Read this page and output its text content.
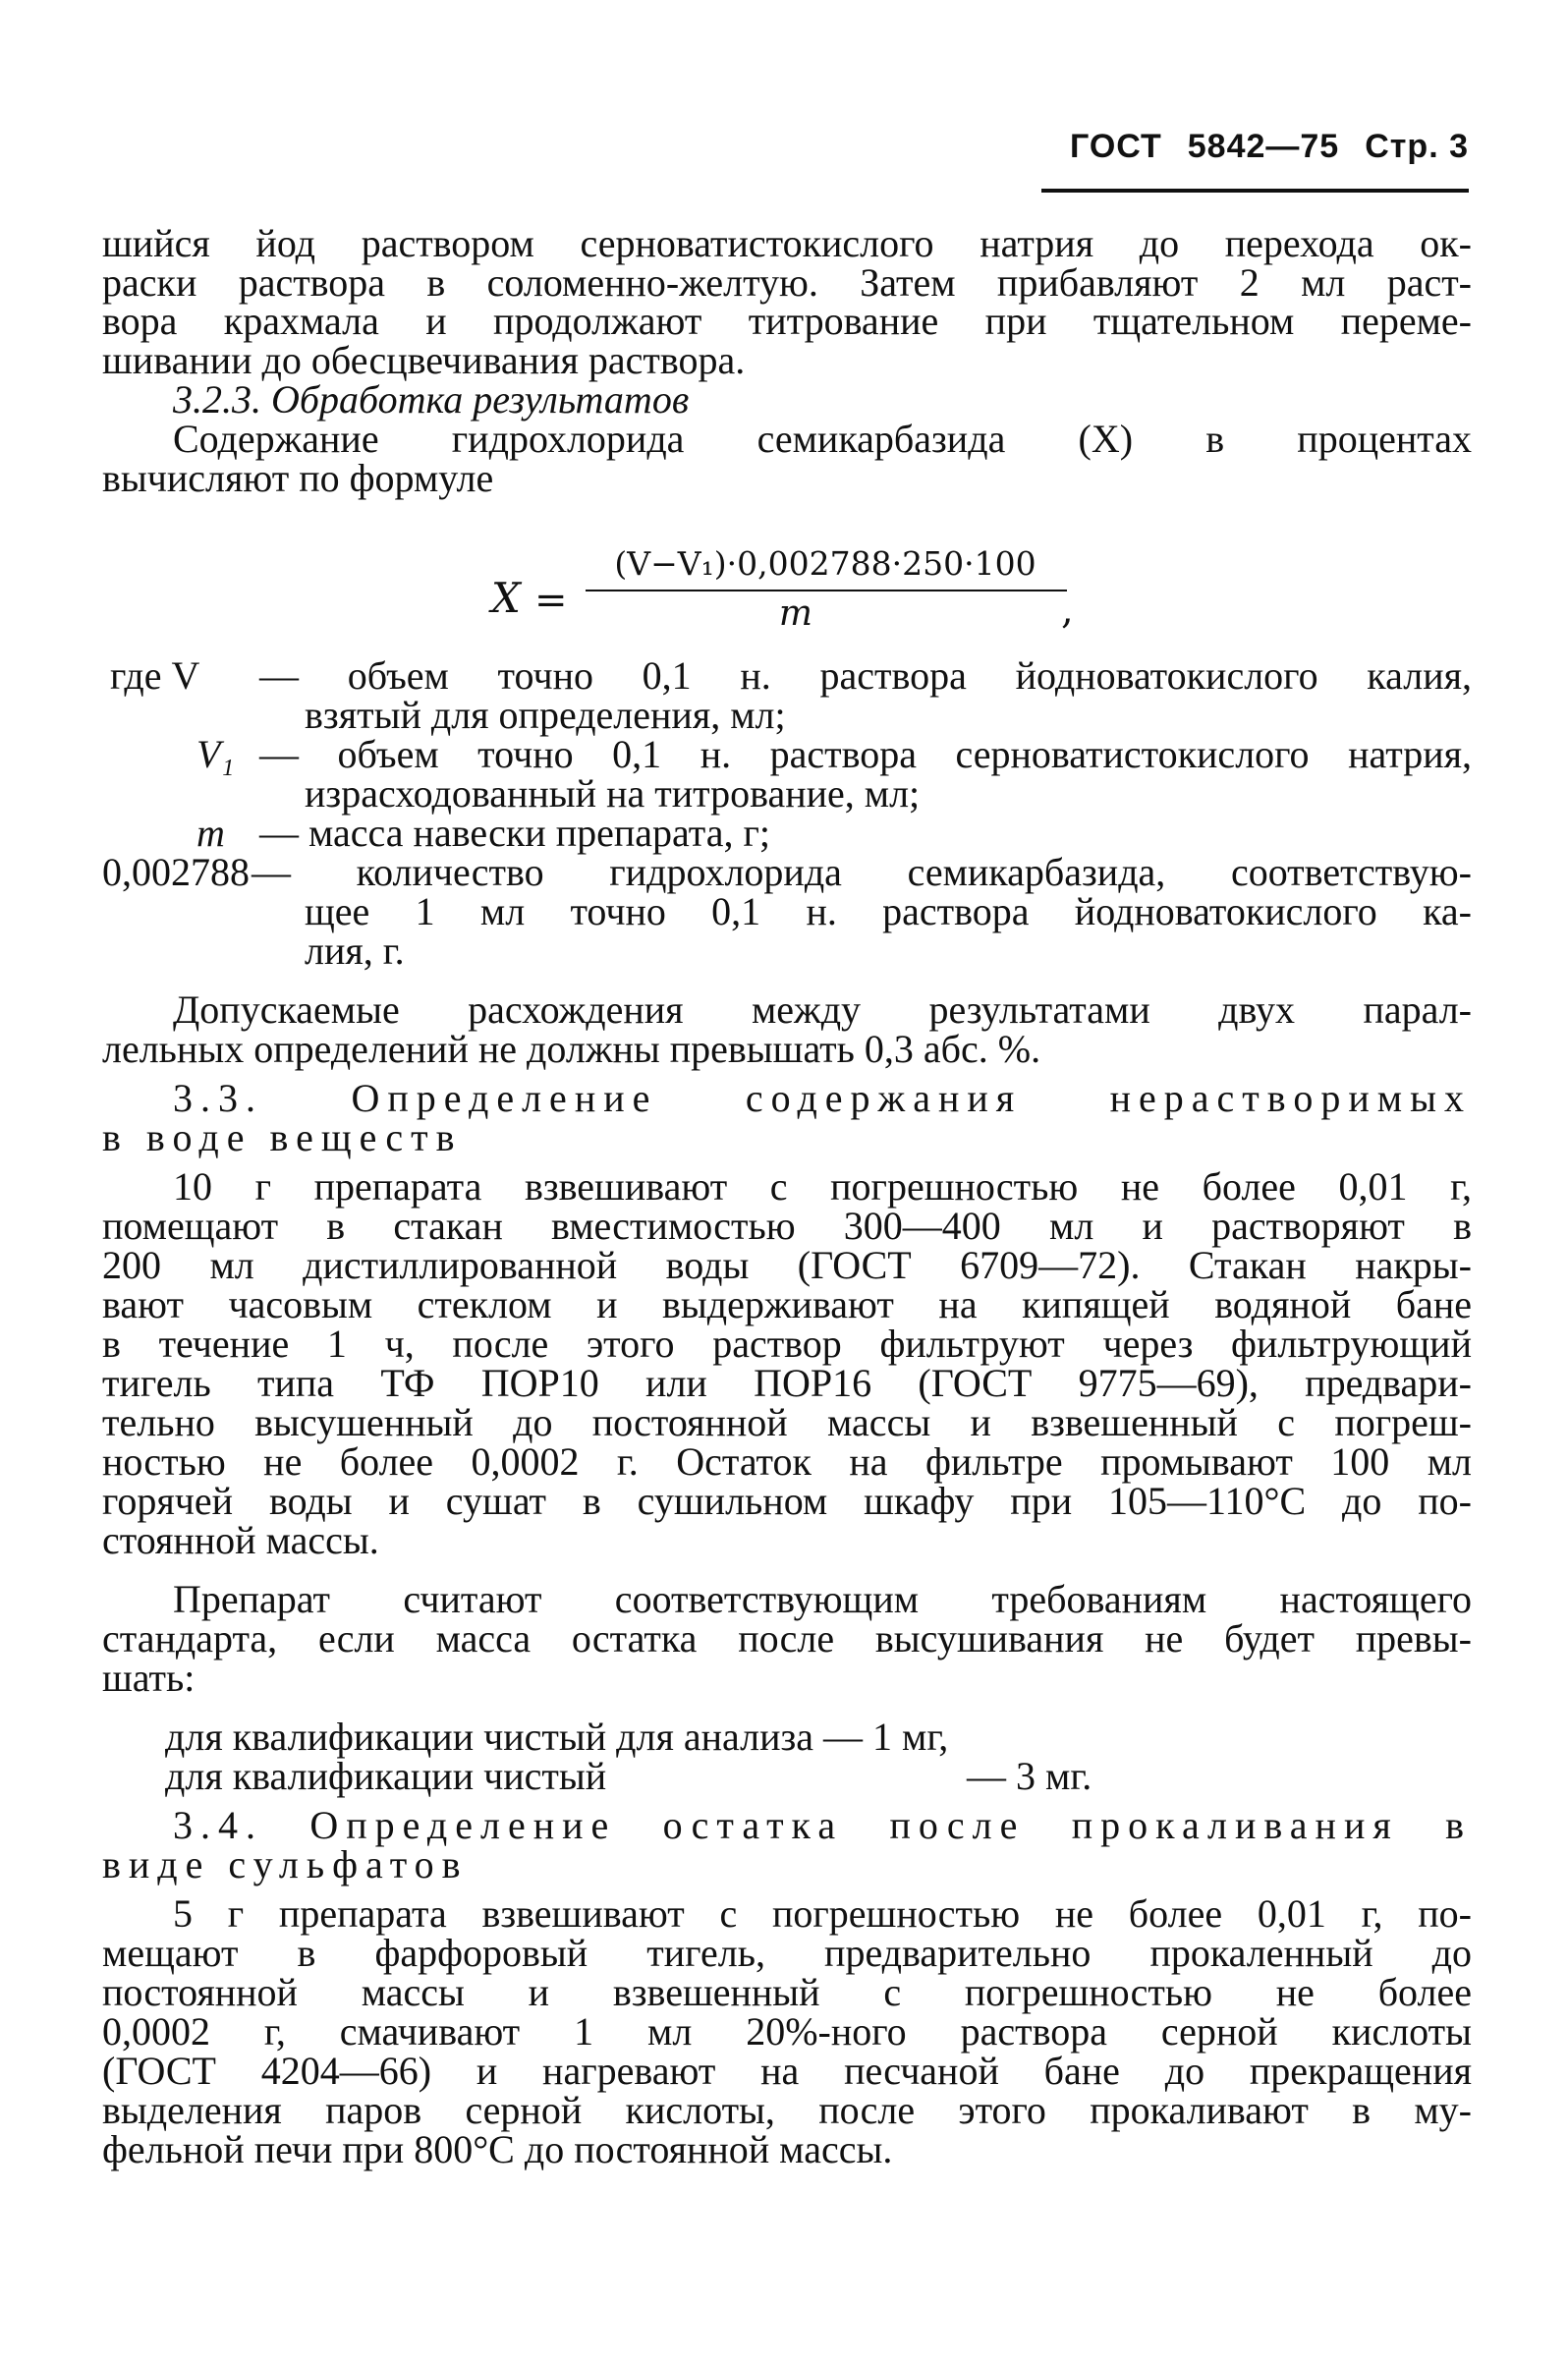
ГОСТ 5842—75 Стр. 3
шийся йод раствором серноватистокислого натрия до перехода ок-
раски раствора в соломенно-желтую. Затем прибавляют 2 мл раст-
вора крахмала и продолжают титрование при тщательном переме-
шивании до обесцвечивания раствора.
3.2.3. Обработка результатов
Содержание гидрохлорида семикарбазида (X) в процентах
вычисляют по формуле
X =
(V−V₁)·0,002788·250·100
m	,
где V — объем точно 0,1 н. раствора йодноватокислого калия,
взятый для определения, мл;
V₁ — объем точно 0,1 н. раствора серноватистокислого натрия,
израсходованный на титрование, мл;
m — масса навески препарата, г;
0,002788 — количество гидрохлорида семикарбазида, соответствую-
щее 1 мл точно 0,1 н. раствора йодноватокислого ка-
лия, г.
Допускаемые расхождения между результатами двух парал-
лельных определений не должны превышать 0,3 абс. %.
3.3. Определение содержания нерастворимых
в воде веществ
10 г препарата взвешивают с погрешностью не более 0,01 г,
помещают в стакан вместимостью 300—400 мл и растворяют в
200 мл дистиллированной воды (ГОСТ 6709—72). Стакан накры-
вают часовым стеклом и выдерживают на кипящей водяной бане
в течение 1 ч, после этого раствор фильтруют через фильтрующий
тигель типа ТФ ПОР10 или ПОР16 (ГОСТ 9775—69), предвари-
тельно высушенный до постоянной массы и взвешенный с погреш-
ностью не более 0,0002 г. Остаток на фильтре промывают 100 мл
горячей воды и сушат в сушильном шкафу при 105—110°С до по-
стоянной массы.
Препарат считают соответствующим требованиям настоящего
стандарта, если масса остатка после высушивания не будет превы-
шать:
для квалификации чистый для анализа — 1 мг,
для квалификации чистый	— 3 мг.
3.4. Определение остатка после прокаливания в
виде сульфатов
5 г препарата взвешивают с погрешностью не более 0,01 г, по-
мещают в фарфоровый тигель, предварительно прокаленный до
постоянной массы и взвешенный с погрешностью не более
0,0002 г, смачивают 1 мл 20%-ного раствора серной кислоты
(ГОСТ 4204—66) и нагревают на песчаной бане до прекращения
выделения паров серной кислоты, после этого прокаливают в му-
фельной печи при 800°С до постоянной массы.
